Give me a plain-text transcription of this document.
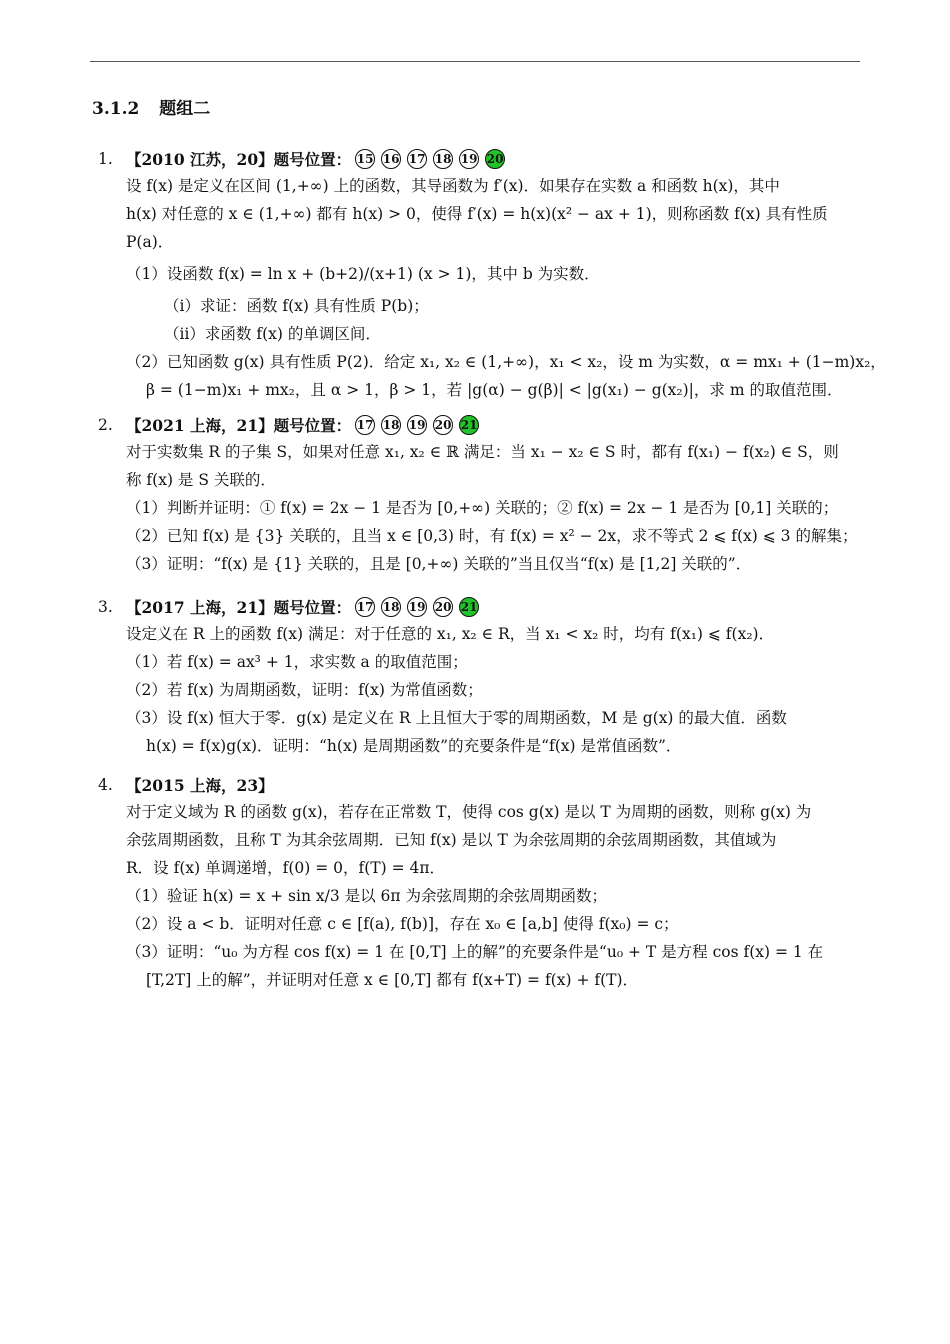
3.1.2 题组二
1. 【2010 江苏，20】 题号位置： 15 16 17 18 19 20
设 f(x) 是定义在区间 (1,+∞) 上的函数，其导函数为 f′(x)．如果存在实数 a 和函数 h(x)，其中
h(x) 对任意的 x ∈ (1,+∞) 都有 h(x) > 0，使得 f′(x) = h(x)(x² − ax + 1)，则称函数 f(x) 具有性质
P(a)．
（1）设函数 f(x) = ln x + (b+2)/(x+1) (x > 1)，其中 b 为实数．
（ⅰ）求证：函数 f(x) 具有性质 P(b)；
（ⅱ）求函数 f(x) 的单调区间．
（2）已知函数 g(x) 具有性质 P(2)．给定 x₁, x₂ ∈ (1,+∞)，x₁ < x₂，设 m 为实数，α = mx₁ + (1−m)x₂，
β = (1−m)x₁ + mx₂，且 α > 1，β > 1，若 |g(α) − g(β)| < |g(x₁) − g(x₂)|，求 m 的取值范围．
2. 【2021 上海，21】 题号位置： 17 18 19 20 21
对于实数集 R 的子集 S，如果对任意 x₁, x₂ ∈ ℝ 满足：当 x₁ − x₂ ∈ S 时，都有 f(x₁) − f(x₂) ∈ S，则
称 f(x) 是 S 关联的．
（1）判断并证明：① f(x) = 2x − 1 是否为 [0,+∞) 关联的；② f(x) = 2x − 1 是否为 [0,1] 关联的；
（2）已知 f(x) 是 {3} 关联的，且当 x ∈ [0,3) 时，有 f(x) = x² − 2x，求不等式 2 ⩽ f(x) ⩽ 3 的解集；
（3）证明：“f(x) 是 {1} 关联的，且是 [0,+∞) 关联的”当且仅当“f(x) 是 [1,2] 关联的”．
3. 【2017 上海，21】 题号位置： 17 18 19 20 21
设定义在 R 上的函数 f(x) 满足：对于任意的 x₁, x₂ ∈ R，当 x₁ < x₂ 时，均有 f(x₁) ⩽ f(x₂)．
（1）若 f(x) = ax³ + 1，求实数 a 的取值范围；
（2）若 f(x) 为周期函数，证明：f(x) 为常值函数；
（3）设 f(x) 恒大于零．g(x) 是定义在 R 上且恒大于零的周期函数，M 是 g(x) 的最大值．函数
h(x) = f(x)g(x)．证明：“h(x) 是周期函数”的充要条件是“f(x) 是常值函数”．
4. 【2015 上海，23】
对于定义域为 R 的函数 g(x)，若存在正常数 T，使得 cos g(x) 是以 T 为周期的函数，则称 g(x) 为
余弦周期函数，且称 T 为其余弦周期．已知 f(x) 是以 T 为余弦周期的余弦周期函数，其值域为
R．设 f(x) 单调递增，f(0) = 0，f(T) = 4π．
（1）验证 h(x) = x + sin x/3 是以 6π 为余弦周期的余弦周期函数；
（2）设 a < b．证明对任意 c ∈ [f(a), f(b)]，存在 x₀ ∈ [a,b] 使得 f(x₀) = c；
（3）证明：“u₀ 为方程 cos f(x) = 1 在 [0,T] 上的解”的充要条件是“u₀ + T 是方程 cos f(x) = 1 在
[T,2T] 上的解”，并证明对任意 x ∈ [0,T] 都有 f(x+T) = f(x) + f(T)．
